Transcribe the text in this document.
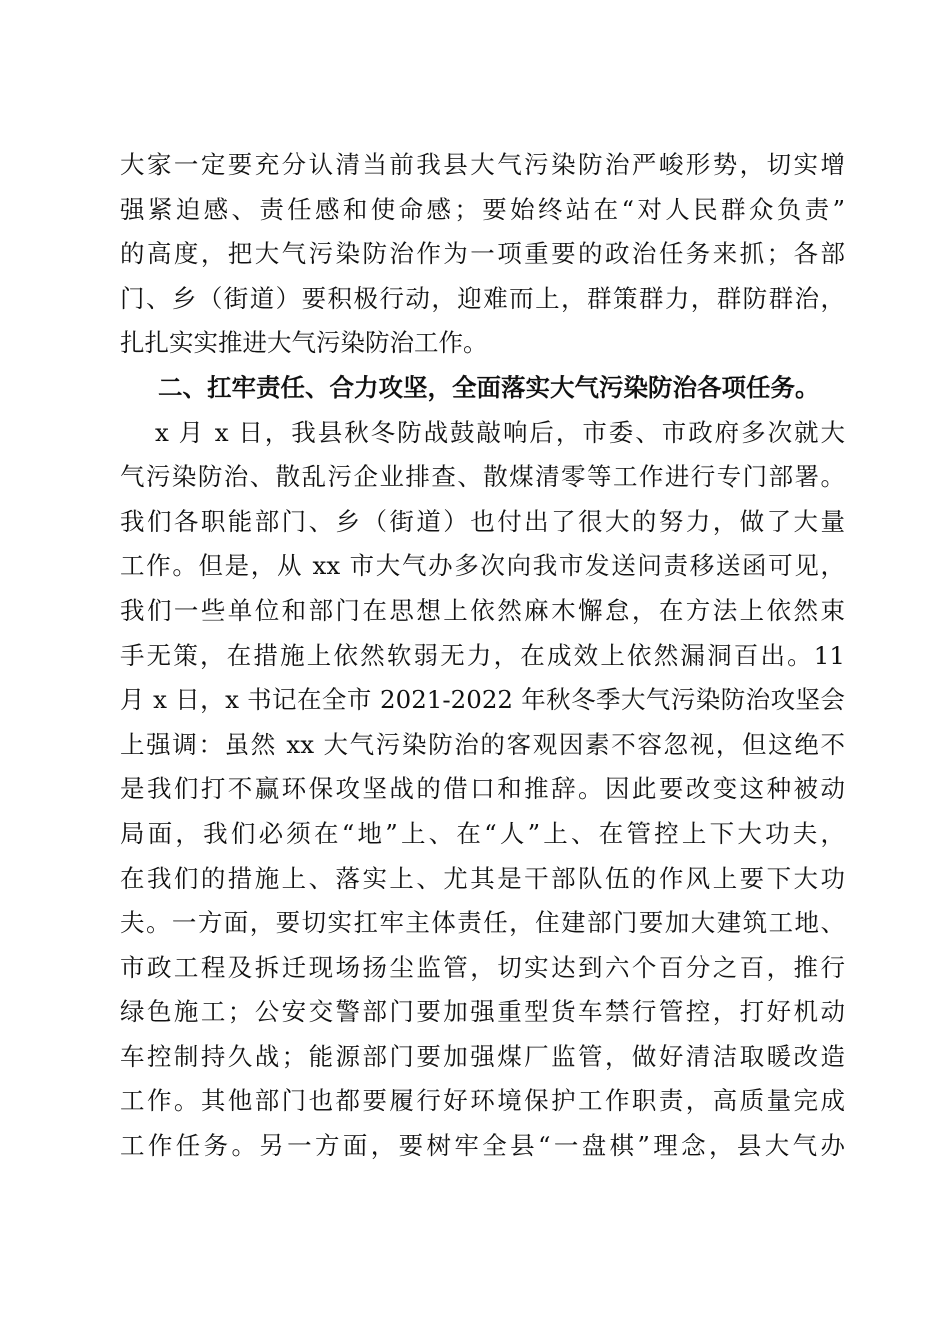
大家一定要充分认清当前我县大气污染防治严峻形势，切实增
强紧迫感、责任感和使命感；要始终站在“对人民群众负责”
的高度，把大气污染防治作为一项重要的政治任务来抓；各部
门、乡（街道）要积极行动，迎难而上，群策群力，群防群治，
扎扎实实推进大气污染防治工作。
二、扛牢责任、合力攻坚，全面落实大气污染防治各项任务。
x 月 x 日，我县秋冬防战鼓敲响后，市委、市政府多次就大
气污染防治、散乱污企业排查、散煤清零等工作进行专门部署。
我们各职能部门、乡（街道）也付出了很大的努力，做了大量
工作。但是，从 xx 市大气办多次向我市发送问责移送函可见，
我们一些单位和部门在思想上依然麻木懈怠，在方法上依然束
手无策，在措施上依然软弱无力，在成效上依然漏洞百出。11
月 x 日，x 书记在全市 2021-2022 年秋冬季大气污染防治攻坚会
上强调：虽然 xx 大气污染防治的客观因素不容忽视，但这绝不
是我们打不赢环保攻坚战的借口和推辞。因此要改变这种被动
局面，我们必须在“地”上、在“人”上、在管控上下大功夫，
在我们的措施上、落实上、尤其是干部队伍的作风上要下大功
夫。一方面，要切实扛牢主体责任，住建部门要加大建筑工地、
市政工程及拆迁现场扬尘监管，切实达到六个百分之百，推行
绿色施工；公安交警部门要加强重型货车禁行管控，打好机动
车控制持久战；能源部门要加强煤厂监管，做好清洁取暖改造
工作。其他部门也都要履行好环境保护工作职责，高质量完成
工作任务。另一方面，要树牢全县“一盘棋”理念，县大气办
